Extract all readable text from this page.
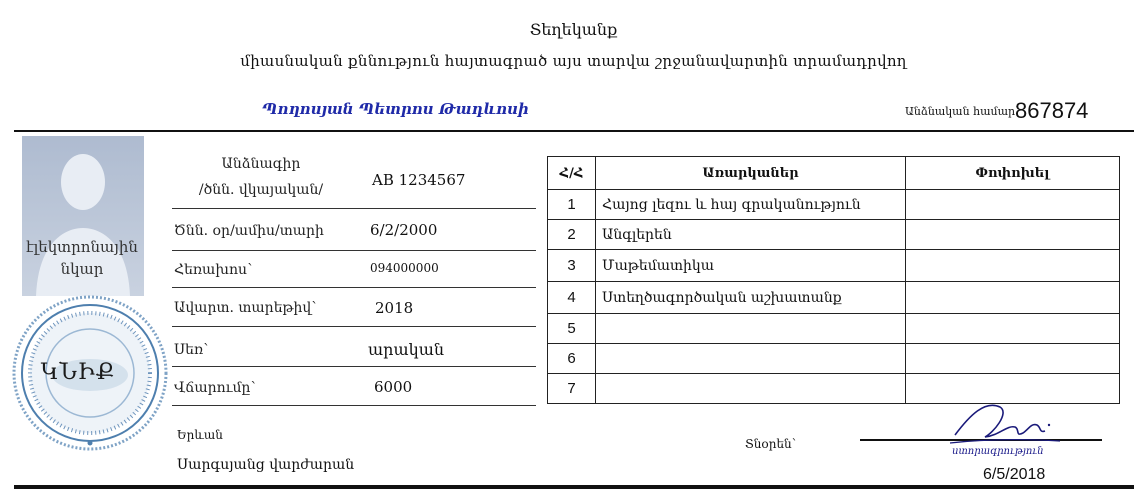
Տեղեկանք
միասնական քննություն հայտագրած այս տարվա շրջանավարտին տրամադրվող
Պողոսյան Պետրոս Թադևոսի	Անձնական համար՝
867874
էլեկտրոնային նկար
ԿՆԻՔ
Անձնագիր
/ծնն. վկայական/
AB 1234567
Ծնն. օր/ամիս/տարի	6/2/2000
Հեռախոս՝	094000000
Ավարտ. տարեթիվ՝	2018
Սեռ՝	արական
Վճարումը՝	6000
Երևան
Սարգսյանց վարժարան
Հ/Հ	Առարկաներ	Փոփոխել
1	Հայոց լեզու և հայ գրականություն	
2	Անգլերեն	
3	Մաթեմատիկա	
4	Ստեղծագործական աշխատանք	
5		
6		
7		
Տնօրեն՝
ստորագրություն
6/5/2018
